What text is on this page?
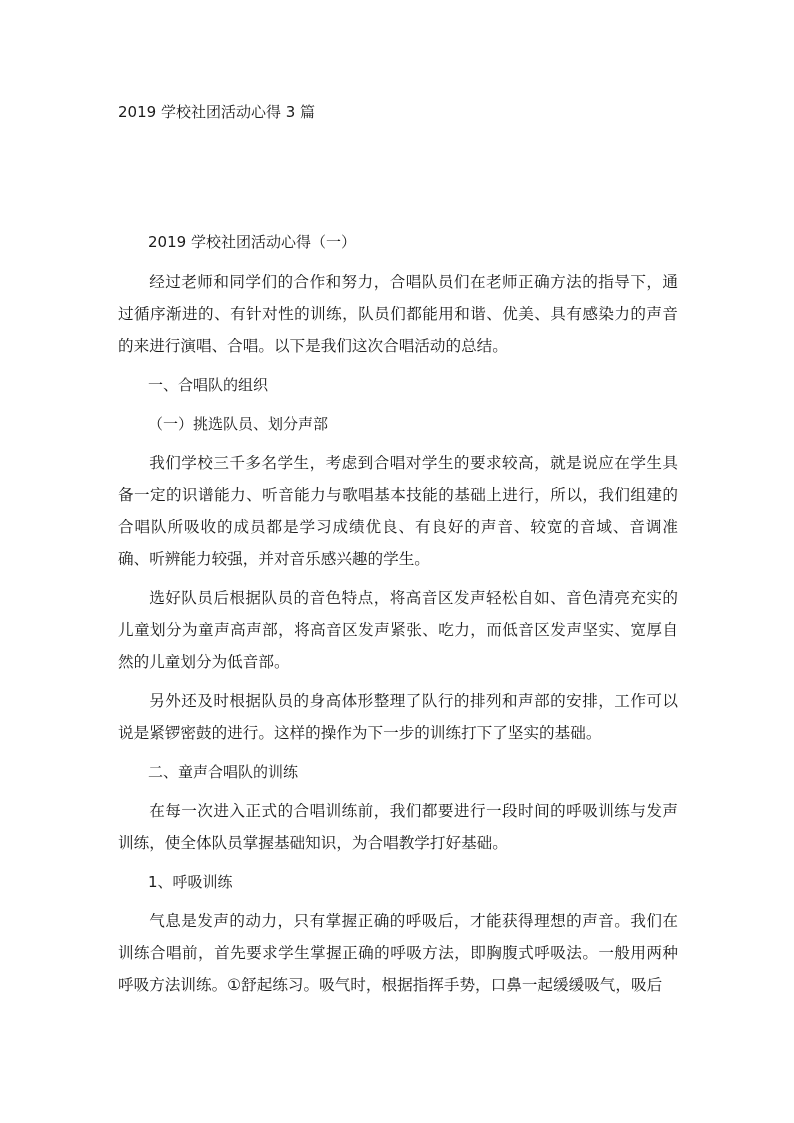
2019 学校社团活动心得 3 篇

2019 学校社团活动心得（一）

经过老师和同学们的合作和努力，合唱队员们在老师正确方法的指导下，通过循序渐进的、有针对性的训练，队员们都能用和谐、优美、具有感染力的声音的来进行演唱、合唱。以下是我们这次合唱活动的总结。

一、合唱队的组织

（一）挑选队员、划分声部

我们学校三千多名学生，考虑到合唱对学生的要求较高，就是说应在学生具备一定的识谱能力、听音能力与歌唱基本技能的基础上进行，所以，我们组建的合唱队所吸收的成员都是学习成绩优良、有良好的声音、较宽的音域、音调准确、听辨能力较强，并对音乐感兴趣的学生。

选好队员后根据队员的音色特点，将高音区发声轻松自如、音色清亮充实的儿童划分为童声高声部，将高音区发声紧张、吃力，而低音区发声坚实、宽厚自然的儿童划分为低音部。

另外还及时根据队员的身高体形整理了队行的排列和声部的安排，工作可以说是紧锣密鼓的进行。这样的操作为下一步的训练打下了坚实的基础。

二、童声合唱队的训练

在每一次进入正式的合唱训练前，我们都要进行一段时间的呼吸训练与发声训练，使全体队员掌握基础知识，为合唱教学打好基础。

1、呼吸训练

气息是发声的动力，只有掌握正确的呼吸后，才能获得理想的声音。我们在训练合唱前，首先要求学生掌握正确的呼吸方法，即胸腹式呼吸法。一般用两种呼吸方法训练。①舒起练习。吸气时，根据指挥手势，口鼻一起缓缓吸气，吸后
